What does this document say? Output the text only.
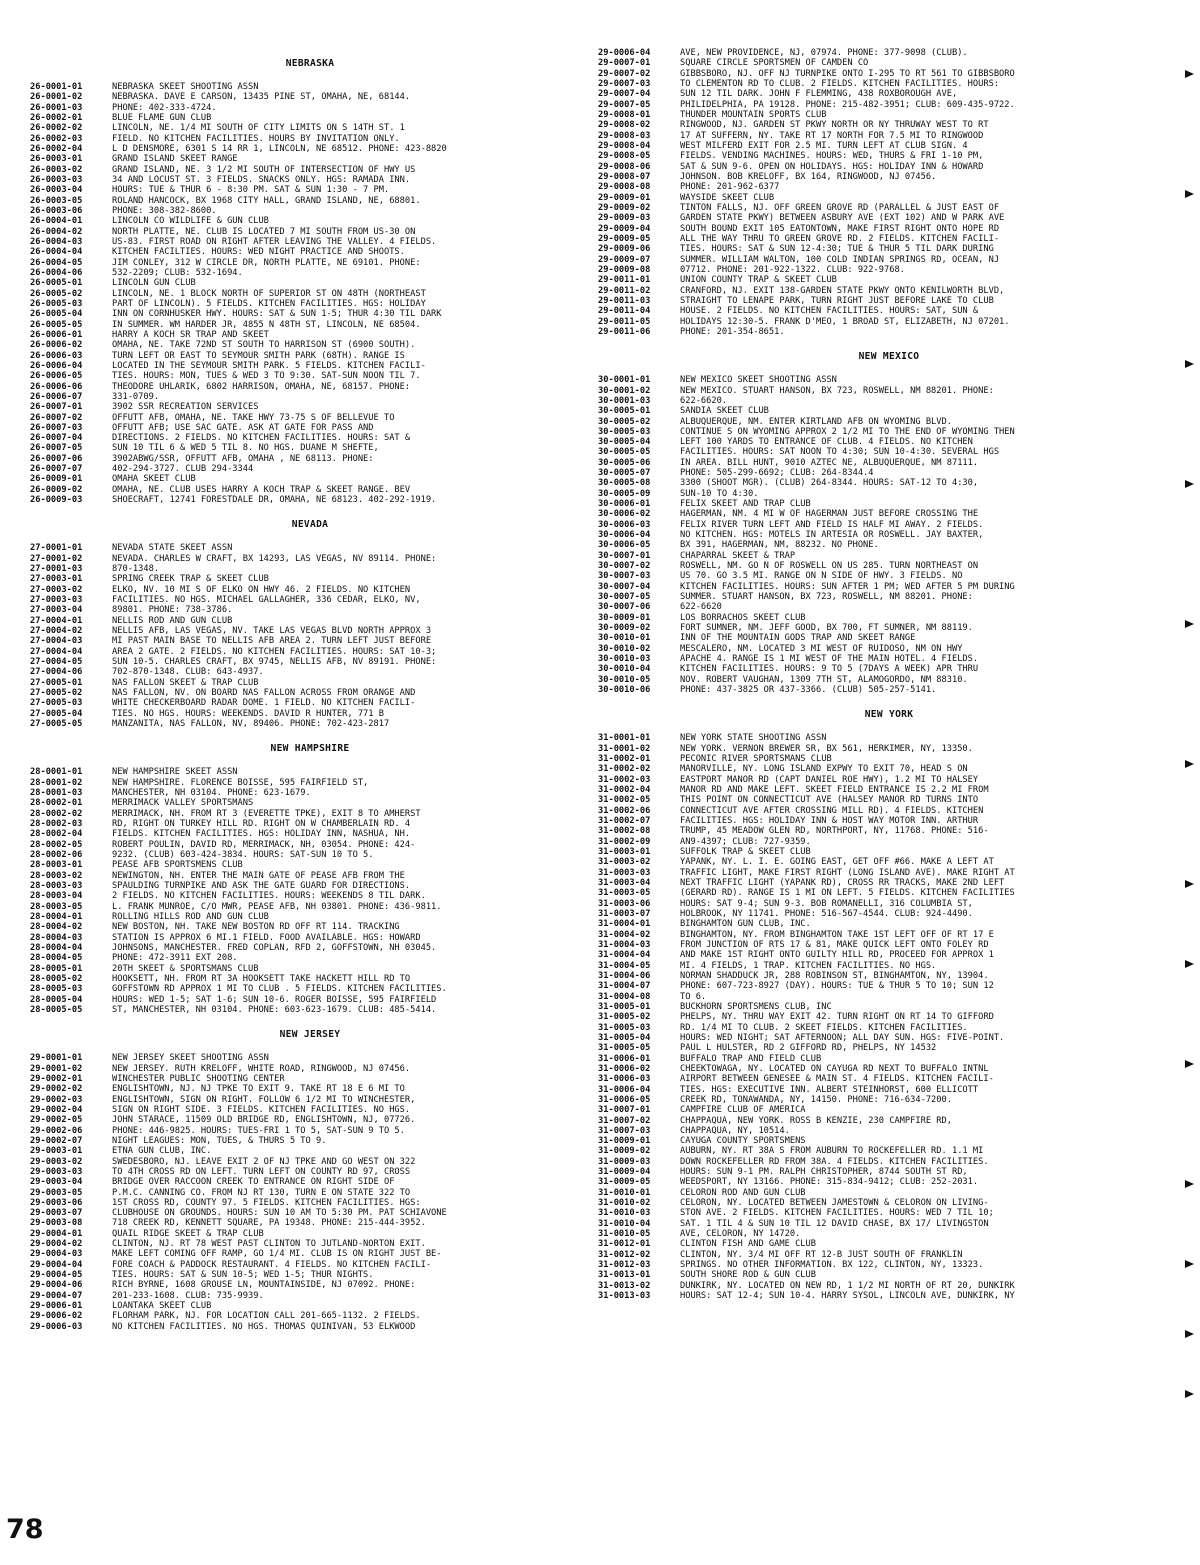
NEBRASKA
26-0001-01	NEBRASKA SKEET SHOOTING ASSN
26-0001-02	NEBRASKA. DAVE E CARSON, 13435 PINE ST, OMAHA, NE, 68144.
26-0001-03	PHONE: 402-333-4724.
26-0002-01	BLUE FLAME GUN CLUB
26-0002-02	LINCOLN, NE. 1/4 MI SOUTH OF CITY LIMITS ON S 14TH ST. 1
26-0002-03	FIELD. NO KITCHEN FACILITIES. HOURS BY INVITATION ONLY.
26-0002-04	L D DENSMORE, 6301 S 14 RR 1, LINCOLN, NE 68512. PHONE: 423-8820
26-0003-01	GRAND ISLAND SKEET RANGE
26-0003-02	GRAND ISLAND, NE. 3 1/2 MI SOUTH OF INTERSECTION OF HWY US
26-0003-03	34 AND LOCUST ST. 3 FIELDS. SNACKS ONLY. HGS: RAMADA INN.
26-0003-04	HOURS: TUE & THUR 6 - 8:30 PM. SAT & SUN 1:30 - 7 PM.
26-0003-05	ROLAND HANCOCK, BX 1968 CITY HALL, GRAND ISLAND, NE, 68801.
26-0003-06	PHONE: 308-382-8600.
26-0004-01	LINCOLN CO WILDLIFE & GUN CLUB
26-0004-02	NORTH PLATTE, NE. CLUB IS LOCATED 7 MI SOUTH FROM US-30 ON
26-0004-03	US-83. FIRST ROAD ON RIGHT AFTER LEAVING THE VALLEY. 4 FIELDS.
26-0004-04	KITCHEN FACILTIES. HOURS: WED NIGHT PRACTICE AND SHOOTS.
26-0004-05	JIM CONLEY, 312 W CIRCLE DR, NORTH PLATTE, NE 69101. PHONE:
26-0004-06	532-2209; CLUB: 532-1694.
26-0005-01	LINCOLN GUN CLUB
26-0005-02	LINCOLN, NE. 1 BLOCK NORTH OF SUPERIOR ST ON 48TH (NORTHEAST
26-0005-03	PART OF LINCOLN). 5 FIELDS. KITCHEN FACILITIES. HGS: HOLIDAY
26-0005-04	INN ON CORNHUSKER HWY. HOURS: SAT & SUN 1-5; THUR 4:30 TIL DARK
26-0005-05	IN SUMMER. WM HARDER JR, 4855 N 48TH ST, LINCOLN, NE 68504.
26-0006-01	HARRY A KOCH SR TRAP AND SKEET
26-0006-02	OMAHA, NE. TAKE 72ND ST SOUTH TO HARRISON ST (6900 SOUTH).
26-0006-03	TURN LEFT OR EAST TO SEYMOUR SMITH PARK (68TH). RANGE IS
26-0006-04	LOCATED IN THE SEYMOUR SMITH PARK. 5 FIELDS. KITCHEN FACILI-
26-0006-05	TIES. HOURS: MON, TUES & WED 3 TO 9:30. SAT-SUN NOON TIL 7.
26-0006-06	THEODORE UHLARIK, 6802 HARRISON, OMAHA, NE, 68157. PHONE:
26-0006-07	331-0709.
26-0007-01	3902 SSR RECREATION SERVICES
26-0007-02	OFFUTT AFB, OMAHA, NE. TAKE HWY 73-75 S OF BELLEVUE TO
26-0007-03	OFFUTT AFB; USE SAC GATE. ASK AT GATE FOR PASS AND
26-0007-04	DIRECTIONS. 2 FIELDS. NO KITCHEN FACILITIES. HOURS: SAT &
26-0007-05	SUN 10 TIL 6 & WED 5 TIL 8. NO HGS. DUANE M SHEFTE,
26-0007-06	3902ABWG/SSR, OFFUTT AFB, OMAHA , NE 68113. PHONE:
26-0007-07	402-294-3727. CLUB 294-3344
26-0009-01	OMAHA SKEET CLUB
26-0009-02	OMAHA, NE. CLUB USES HARRY A KOCH TRAP & SKEET RANGE. BEV
26-0009-03	SHOECRAFT, 12741 FORESTDALE DR, OMAHA, NE 68123. 402-292-1919.
NEVADA
27-0001-01	NEVADA STATE SKEET ASSN
27-0001-02	NEVADA. CHARLES W CRAFT, BX 14293, LAS VEGAS, NV 89114. PHONE:
27-0001-03	870-1348.
27-0003-01	SPRING CREEK TRAP & SKEET CLUB
27-0003-02	ELKO, NV. 10 MI S OF ELKO ON HWY 46. 2 FIELDS. NO KITCHEN
27-0003-03	FACILITIES. NO HGS. MICHAEL GALLAGHER, 336 CEDAR, ELKO, NV,
27-0003-04	89801. PHONE: 738-3786.
27-0004-01	NELLIS ROD AND GUN CLUB
27-0004-02	NELLIS AFB, LAS VEGAS, NV. TAKE LAS VEGAS BLVD NORTH APPROX 3
27-0004-03	MI PAST MAIN BASE TO NELLIS AFB AREA 2. TURN LEFT JUST BEFORE
27-0004-04	AREA 2 GATE. 2 FIELDS. NO KITCHEN FACILITIES. HOURS: SAT 10-3;
27-0004-05	SUN 10-5. CHARLES CRAFT, BX 9745, NELLIS AFB, NV 89191. PHONE:
27-0004-06	702-870-1348. CLUB: 643-4937.
27-0005-01	NAS FALLON SKEET & TRAP CLUB
27-0005-02	NAS FALLON, NV. ON BOARD NAS FALLON ACROSS FROM ORANGE AND
27-0005-03	WHITE CHECKERBOARD RADAR DOME. 1 FIELD. NO KITCHEN FACILI-
27-0005-04	TIES. NO HGS. HOURS: WEEKENDS. DAVID R HUNTER, 771 B
27-0005-05	MANZANITA, NAS FALLON, NV, 89406. PHONE: 702-423-2817
NEW HAMPSHIRE
28-0001-01	NEW HAMPSHIRE SKEET ASSN
28-0001-02	NEW HAMPSHIRE. FLORENCE BOISSE, 595 FAIRFIELD ST,
28-0001-03	MANCHESTER, NH 03104. PHONE: 623-1679.
28-0002-01	MERRIMACK VALLEY SPORTSMANS
28-0002-02	MERRIMACK, NH. FROM RT 3 (EVERETTE TPKE), EXIT 8 TO AMHERST
28-0002-03	RD, RIGHT ON TURKEY HILL RD. RIGHT ON W CHAMBERLAIN RD. 4
28-0002-04	FIELDS. KITCHEN FACILITIES. HGS: HOLIDAY INN, NASHUA, NH.
28-0002-05	ROBERT POULIN, DAVID RD, MERRIMACK, NH, 03054. PHONE: 424-
28-0002-06	9232. (CLUB) 603-424-3834. HOURS: SAT-SUN 10 TO 5.
28-0003-01	PEASE AFB SPORTSMENS CLUB
28-0003-02	NEWINGTON, NH. ENTER THE MAIN GATE OF PEASE AFB FROM THE
28-0003-03	SPAULDING TURNPIKE AND ASK THE GATE GUARD FOR DIRECTIONS.
28-0003-04	2 FIELDS. NO KITCHEN FACILITIES. HOURS: WEEKENDS 8 TIL DARK.
28-0003-05	L. FRANK MUNROE, C/O MWR, PEASE AFB, NH 03801. PHONE: 436-9811.
28-0004-01	ROLLING HILLS ROD AND GUN CLUB
28-0004-02	NEW BOSTON, NH. TAKE NEW BOSTON RD OFF RT 114. TRACKING
28-0004-03	STATION IS APPROX 6 MI.1 FIELD. FOOD AVAILABLE. HGS: HOWARD
28-0004-04	JOHNSONS, MANCHESTER. FRED COPLAN, RFD 2, GOFFSTOWN, NH 03045.
28-0004-05	PHONE: 472-3911 EXT 208.
28-0005-01	20TH SKEET & SPORTSMANS CLUB
28-0005-02	HOOKSETT, NH. FROM RT 3A HOOKSETT TAKE HACKETT HILL RD TO
28-0005-03	GOFFSTOWN RD APPROX 1 MI TO CLUB . 5 FIELDS. KITCHEN FACILITIES.
28-0005-04	HOURS: WED 1-5; SAT 1-6; SUN 10-6. ROGER BOISSE, 595 FAIRFIELD
28-0005-05	ST, MANCHESTER, NH 03104. PHONE: 603-623-1679. CLUB: 485-5414.
NEW JERSEY
29-0001-01	NEW JERSEY SKEET SHOOTING ASSN
29-0001-02	NEW JERSEY. RUTH KRELOFF, WHITE ROAD, RINGWOOD, NJ 07456.
29-0002-01	WINCHESTER PUBLIC SHOOTING CENTER
29-0002-02	ENGLISHTOWN, NJ. NJ TPKE TO EXIT 9. TAKE RT 18 E 6 MI TO
29-0002-03	ENGLISHTOWN, SIGN ON RIGHT. FOLLOW 6 1/2 MI TO WINCHESTER,
29-0002-04	SIGN ON RIGHT SIDE. 3 FIELDS. KITCHEN FACILITIES. NO HGS.
29-0002-05	JOHN STARACE, 11509 OLD BRIDGE RD, ENGLISHTOWN, NJ, 07726.
29-0002-06	PHONE: 446-9825. HOURS: TUES-FRI 1 TO 5, SAT-SUN 9 TO 5.
29-0002-07	NIGHT LEAGUES: MON, TUES, & THURS 5 TO 9.
29-0003-01	ETNA GUN CLUB, INC.
29-0003-02	SWEDESBORO, NJ. LEAVE EXIT 2 OF NJ TPKE AND GO WEST ON 322
29-0003-03	TO 4TH CROSS RD ON LEFT. TURN LEFT ON COUNTY RD 97, CROSS
29-0003-04	BRIDGE OVER RACCOON CREEK TO ENTRANCE ON RIGHT SIDE OF
29-0003-05	P.M.C. CANNING CO. FROM NJ RT 130, TURN E ON STATE 322 TO
29-0003-06	1ST CROSS RD, COUNTY 97. 5 FIELDS. KITCHEN FACILITIES. HGS:
29-0003-07	CLUBHOUSE ON GROUNDS. HOURS: SUN 10 AM TO 5:30 PM. PAT SCHIAVONE
29-0003-08	718 CREEK RD, KENNETT SQUARE, PA 19348. PHONE: 215-444-3952.
29-0004-01	QUAIL RIDGE SKEET & TRAP CLUB
29-0004-02	CLINTON, NJ. RT 78 WEST PAST CLINTON TO JUTLAND-NORTON EXIT.
29-0004-03	MAKE LEFT COMING OFF RAMP, GO 1/4 MI. CLUB IS ON RIGHT JUST BE-
29-0004-04	FORE COACH & PADDOCK RESTAURANT. 4 FIELDS. NO KITCHEN FACILI-
29-0004-05	TIES. HOURS: SAT & SUN 10-5; WED 1-5; THUR NIGHTS.
29-0004-06	RICH BYRNE, 1608 GROUSE LN, MOUNTAINSIDE, NJ 07092. PHONE:
29-0004-07	201-233-1608. CLUB: 735-9939.
29-0006-01	LOANTAKA SKEET CLUB
29-0006-02	FLORHAM PARK, NJ. FOR LOCATION CALL 201-665-1132. 2 FIELDS.
29-0006-03	NO KITCHEN FACILITIES. NO HGS. THOMAS QUINIVAN, 53 ELKWOOD
29-0006-04	AVE, NEW PROVIDENCE, NJ, 07974. PHONE: 377-9098 (CLUB).
29-0007-01	SQUARE CIRCLE SPORTSMEN OF CAMDEN CO
29-0007-02	GIBBSBORO, NJ. OFF NJ TURNPIKE ONTO I-295 TO RT 561 TO GIBBSBORO
29-0007-03	TO CLEMENTON RD TO CLUB. 2 FIELDS. KITCHEN FACILITIES. HOURS:
29-0007-04	SUN 12 TIL DARK. JOHN F FLEMMING, 438 ROXBOROUGH AVE,
29-0007-05	PHILIDELPHIA, PA 19128. PHONE: 215-482-3951; CLUB: 609-435-9722.
29-0008-01	THUNDER MOUNTAIN SPORTS CLUB
29-0008-02	RINGWOOD, NJ. GARDEN ST PKWY NORTH OR NY THRUWAY WEST TO RT
29-0008-03	17 AT SUFFERN, NY. TAKE RT 17 NORTH FOR 7.5 MI TO RINGWOOD
29-0008-04	WEST MILFERD EXIT FOR 2.5 MI. TURN LEFT AT CLUB SIGN. 4
29-0008-05	FIELDS. VENDING MACHINES. HOURS: WED, THURS & FRI 1-10 PM,
29-0008-06	SAT & SUN 9-6. OPEN ON HOLIDAYS. HGS: HOLIDAY INN & HOWARD
29-0008-07	JOHNSON. BOB KRELOFF, BX 164, RINGWOOD, NJ 07456.
29-0008-08	PHONE: 201-962-6377
29-0009-01	WAYSIDE SKEET CLUB
29-0009-02	TINTON FALLS, NJ. OFF GREEN GROVE RD (PARALLEL & JUST EAST OF
29-0009-03	GARDEN STATE PKWY) BETWEEN ASBURY AVE (EXT 102) AND W PARK AVE
29-0009-04	SOUTH BOUND EXIT 105 EATONTOWN, MAKE FIRST RIGHT ONTO HOPE RD
29-0009-05	ALL THE WAY THRU TO GREEN GROVE RD. 2 FIELDS. KITCHEN FACILI-
29-0009-06	TIES. HOURS: SAT & SUN 12-4:30; TUE & THUR 5 TIL DARK DURING
29-0009-07	SUMMER. WILLIAM WALTON, 100 COLD INDIAN SPRINGS RD, OCEAN, NJ
29-0009-08	07712. PHONE: 201-922-1322. CLUB: 922-9768.
29-0011-01	UNION COUNTY TRAP & SKEET CLUB
29-0011-02	CRANFORD, NJ. EXIT 138-GARDEN STATE PKWY ONTO KENILWORTH BLVD,
29-0011-03	STRAIGHT TO LENAPE PARK, TURN RIGHT JUST BEFORE LAKE TO CLUB
29-0011-04	HOUSE. 2 FIELDS. NO KITCHEN FACILITIES. HOURS: SAT, SUN &
29-0011-05	HOLIDAYS 12:30-5. FRANK D'MEO, 1 BROAD ST, ELIZABETH, NJ 07201.
29-0011-06	PHONE: 201-354-8651.
NEW MEXICO
30-0001-01	NEW MEXICO SKEET SHOOTING ASSN
30-0001-02	NEW MEXICO. STUART HANSON, BX 723, ROSWELL, NM 88201. PHONE:
30-0001-03	622-6620.
30-0005-01	SANDIA SKEET CLUB
30-0005-02	ALBUQUERQUE, NM. ENTER KIRTLAND AFB ON WYOMING BLVD.
30-0005-03	CONTINUE S ON WYOMING APPROX 2 1/2 MI TO THE END OF WYOMING THEN
30-0005-04	LEFT 100 YARDS TO ENTRANCE OF CLUB. 4 FIELDS. NO KITCHEN
30-0005-05	FACILITIES. HOURS: SAT NOON TO 4:30; SUN 10-4:30. SEVERAL HGS
30-0005-06	IN AREA. BILL HUNT, 9010 AZTEC NE, ALBUQUERQUE, NM 87111.
30-0005-07	PHONE: 505-299-6692; CLUB: 264-8344.4
30-0005-08	3300 (SHOOT MGR). (CLUB) 264-8344. HOURS: SAT-12 TO 4:30,
30-0005-09	SUN-10 TO 4:30.
30-0006-01	FELIX SKEET AND TRAP CLUB
30-0006-02	HAGERMAN, NM. 4 MI W OF HAGERMAN JUST BEFORE CROSSING THE
30-0006-03	FELIX RIVER TURN LEFT AND FIELD IS HALF MI AWAY. 2 FIELDS.
30-0006-04	NO KITCHEN. HGS: MOTELS IN ARTESIA OR ROSWELL. JAY BAXTER,
30-0006-05	BX 391, HAGERMAN, NM, 88232. NO PHONE.
30-0007-01	CHAPARRAL SKEET & TRAP
30-0007-02	ROSWELL, NM. GO N OF ROSWELL ON US 285. TURN NORTHEAST ON
30-0007-03	US 70. GO 3.5 MI. RANGE ON N SIDE OF HWY. 3 FIELDS. NO
30-0007-04	KITCHEN FACILITIES. HOURS: SUN AFTER 1 PM; WED AFTER 5 PM DURING
30-0007-05	SUMMER. STUART HANSON, BX 723, ROSWELL, NM 88201. PHONE:
30-0007-06	622-6620
30-0009-01	LOS BORRACHOS SKEET CLUB
30-0009-02	FORT SUMNER, NM. JEFF GOOD, BX 700, FT SUMNER, NM 88119.
30-0010-01	INN OF THE MOUNTAIN GODS TRAP AND SKEET RANGE
30-0010-02	MESCALERO, NM. LOCATED 3 MI WEST OF RUIDOSO, NM ON HWY
30-0010-03	APACHE 4. RANGE IS 1 MI WEST OF THE MAIN HOTEL. 4 FIELDS.
30-0010-04	KITCHEN FACILITIES. HOURS: 9 TO 5 (7DAYS A WEEK) APR THRU
30-0010-05	NOV. ROBERT VAUGHAN, 1309 7TH ST, ALAMOGORDO, NM 88310.
30-0010-06	PHONE: 437-3825 OR 437-3366. (CLUB) 505-257-5141.
NEW YORK
31-0001-01	NEW YORK STATE SHOOTING ASSN
31-0001-02	NEW YORK. VERNON BREWER SR, BX 561, HERKIMER, NY, 13350.
31-0002-01	PECONIC RIVER SPORTSMANS CLUB
31-0002-02	MANORVILLE, NY. LONG ISLAND EXPWY TO EXIT 70, HEAD S ON
31-0002-03	EASTPORT MANOR RD (CAPT DANIEL ROE HWY), 1.2 MI TO HALSEY
31-0002-04	MANOR RD AND MAKE LEFT. SKEET FIELD ENTRANCE IS 2.2 MI FROM
31-0002-05	THIS POINT ON CONNECTICUT AVE (HALSEY MANOR RD TURNS INTO
31-0002-06	CONNECTICUT AVE AFTER CROSSING MILL RD). 4 FIELDS. KITCHEN
31-0002-07	FACILITIES. HGS: HOLIDAY INN & HOST WAY MOTOR INN. ARTHUR
31-0002-08	TRUMP, 45 MEADOW GLEN RD, NORTHPORT, NY, 11768. PHONE: 516-
31-0002-09	AN9-4397; CLUB: 727-9359.
31-0003-01	SUFFOLK TRAP & SKEET CLUB
31-0003-02	YAPANK, NY. L. I. E. GOING EAST, GET OFF #66. MAKE A LEFT AT
31-0003-03	TRAFFIC LIGHT, MAKE FIRST RIGHT (LONG ISLAND AVE). MAKE RIGHT AT
31-0003-04	NEXT TRAFFIC LIGHT (YAPANK RD), CROSS RR TRACKS, MAKE 2ND LEFT
31-0003-05	(GERARD RD). RANGE IS 1 MI ON LEFT. 5 FIELDS. KITCHEN FACILITIES
31-0003-06	HOURS: SAT 9-4; SUN 9-3. BOB ROMANELLI, 316 COLUMBIA ST,
31-0003-07	HOLBROOK, NY 11741. PHONE: 516-567-4544. CLUB: 924-4490.
31-0004-01	BINGHAMTON GUN CLUB, INC.
31-0004-02	BINGHAMTON, NY. FROM BINGHAMTON TAKE 1ST LEFT OFF OF RT 17 E
31-0004-03	FROM JUNCTION OF RTS 17 & 81, MAKE QUICK LEFT ONTO FOLEY RD
31-0004-04	AND MAKE 1ST RIGHT ONTO GUILTY HILL RD, PROCEED FOR APPROX 1
31-0004-05	MI. 4 FIELDS, 1 TRAP. KITCHEN FACILITIES. NO HGS.
31-0004-06	NORMAN SHADDUCK JR, 288 ROBINSON ST, BINGHAMTON, NY, 13904.
31-0004-07	PHONE: 607-723-8927 (DAY). HOURS: TUE & THUR 5 TO 10; SUN 12
31-0004-08	TO 6.
31-0005-01	BUCKHORN SPORTSMENS CLUB, INC
31-0005-02	PHELPS, NY. THRU WAY EXIT 42. TURN RIGHT ON RT 14 TO GIFFORD
31-0005-03	RD. 1/4 MI TO CLUB. 2 SKEET FIELDS. KITCHEN FACILITIES.
31-0005-04	HOURS: WED NIGHT; SAT AFTERNOON; ALL DAY SUN. HGS: FIVE-POINT.
31-0005-05	PAUL L HULSTER, RD 2 GIFFORD RD, PHELPS, NY 14532
31-0006-01	BUFFALO TRAP AND FIELD CLUB
31-0006-02	CHEEKTOWAGA, NY. LOCATED ON CAYUGA RD NEXT TO BUFFALO INTNL
31-0006-03	AIRPORT BETWEEN GENESEE & MAIN ST. 4 FIELDS. KITCHEN FACILI-
31-0006-04	TIES. HGS: EXECUTIVE INN. ALBERT STEINHORST, 600 ELLICOTT
31-0006-05	CREEK RD, TONAWANDA, NY, 14150. PHONE: 716-634-7200.
31-0007-01	CAMPFIRE CLUB OF AMERICA
31-0007-02	CHAPPAQUA, NEW YORK. ROSS B KENZIE, 230 CAMPFIRE RD,
31-0007-03	CHAPPAQUA, NY, 10514.
31-0009-01	CAYUGA COUNTY SPORTSMENS
31-0009-02	AUBURN, NY. RT 38A S FROM AUBURN TO ROCKEFELLER RD. 1.1 MI
31-0009-03	DOWN ROCKEFELLER RD FROM 38A. 4 FIELDS. KITCHEN FACILITIES.
31-0009-04	HOURS: SUN 9-1 PM. RALPH CHRISTOPHER, 8744 SOUTH ST RD,
31-0009-05	WEEDSPORT, NY 13166. PHONE: 315-834-9412; CLUB: 252-2031.
31-0010-01	CELORON ROD AND GUN CLUB
31-0010-02	CELORON, NY. LOCATED BETWEEN JAMESTOWN & CELORON ON LIVING-
31-0010-03	STON AVE. 2 FIELDS. KITCHEN FACILITIES. HOURS: WED 7 TIL 10;
31-0010-04	SAT. 1 TIL 4 & SUN 10 TIL 12 DAVID CHASE, BX 17/ LIVINGSTON
31-0010-05	AVE, CELORON, NY 14720.
31-0012-01	CLINTON FISH AND GAME CLUB
31-0012-02	CLINTON, NY. 3/4 MI OFF RT 12-B JUST SOUTH OF FRANKLIN
31-0012-03	SPRINGS. NO OTHER INFORMATION. BX 122, CLINTON, NY, 13323.
31-0013-01	SOUTH SHORE ROD & GUN CLUB
31-0013-02	DUNKIRK, NY. LOCATED ON NEW RD, 1 1/2 MI NORTH OF RT 20, DUNKIRK
31-0013-03	HOURS: SAT 12-4; SUN 10-4. HARRY SYSOL, LINCOLN AVE, DUNKIRK, NY
78
